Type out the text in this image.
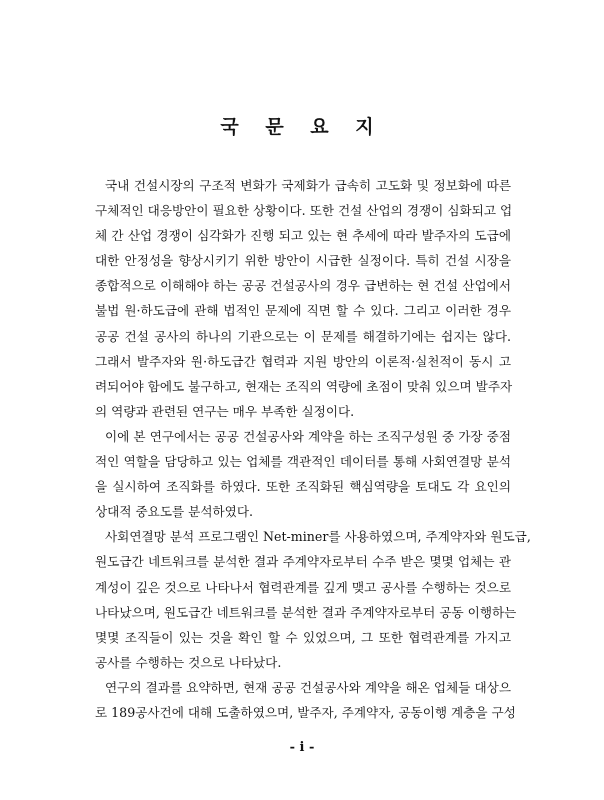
국 문 요 지
국내 건설시장의 구조적 변화가 국제화가 급속히 고도화 및 정보화에 따른
구체적인 대응방안이 필요한 상황이다. 또한 건설 산업의 경쟁이 심화되고 업
체 간 산업 경쟁이 심각화가 진행 되고 있는 현 추세에 따라 발주자의 도급에
대한 안정성을 향상시키기 위한 방안이 시급한 실정이다. 특히 건설 시장을
종합적으로 이해해야 하는 공공 건설공사의 경우 급변하는 현 건설 산업에서
불법 원·하도급에 관해 법적인 문제에 직면 할 수 있다. 그리고 이러한 경우
공공 건설 공사의 하나의 기관으로는 이 문제를 해결하기에는 쉽지는 않다.
그래서 발주자와 원·하도급간 협력과 지원 방안의 이론적·실천적이 동시 고
려되어야 함에도 불구하고, 현재는 조직의 역량에 초점이 맞춰 있으며 발주자
의 역량과 관련된 연구는 매우 부족한 실정이다.
이에 본 연구에서는 공공 건설공사와 계약을 하는 조직구성원 중 가장 중점
적인 역할을 담당하고 있는 업체를 객관적인 데이터를 통해 사회연결망 분석
을 실시하여 조직화를 하였다. 또한 조직화된 핵심역량을 토대도 각 요인의
상대적 중요도를 분석하였다.
사회연결망 분석 프로그램인 Net-miner를 사용하였으며, 주계약자와 원도급,
원도급간 네트워크를 분석한 결과 주계약자로부터 수주 받은 몇몇 업체는 관
계성이 깊은 것으로 나타나서 협력관계를 깊게 맺고 공사를 수행하는 것으로
나타났으며, 원도급간 네트워크를 분석한 결과 주계약자로부터 공동 이행하는
몇몇 조직들이 있는 것을 확인 할 수 있었으며, 그 또한 협력관계를 가지고
공사를 수행하는 것으로 나타났다.
연구의 결과를 요약하면, 현재 공공 건설공사와 계약을 해온 업체들 대상으
로 189공사건에 대해 도출하였으며, 발주자, 주계약자, 공동이행 계층을 구성
- i -
